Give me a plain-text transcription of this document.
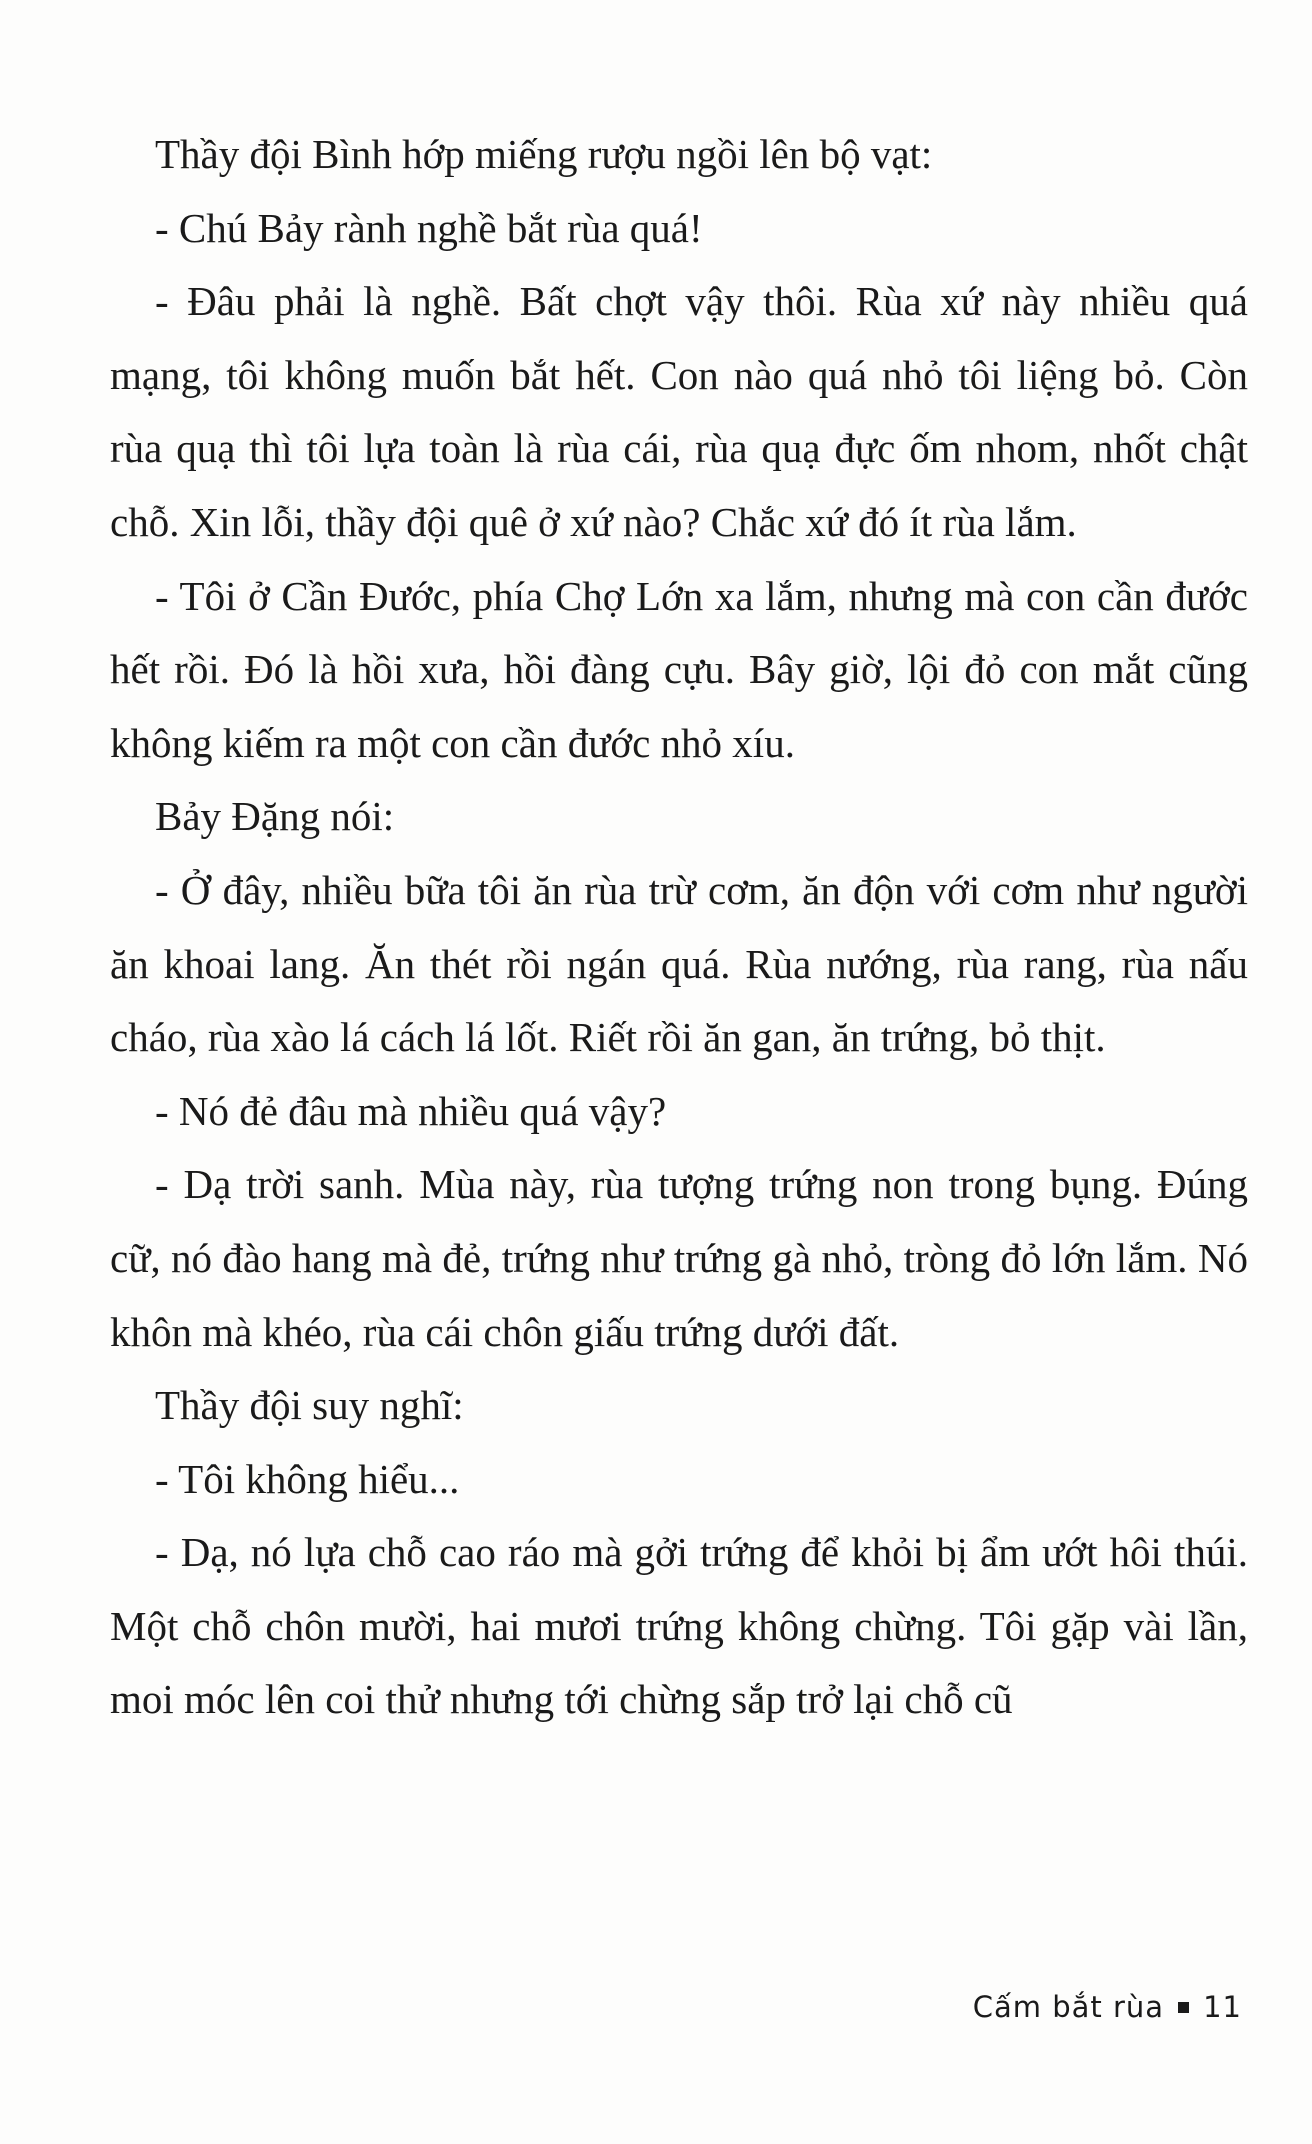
Thầy đội Bình hớp miếng rượu ngồi lên bộ vạt:

- Chú Bảy rành nghề bắt rùa quá!

- Đâu phải là nghề. Bất chợt vậy thôi. Rùa xứ này nhiều quá mạng, tôi không muốn bắt hết. Con nào quá nhỏ tôi liệng bỏ. Còn rùa quạ thì tôi lựa toàn là rùa cái, rùa quạ đực ốm nhom, nhốt chật chỗ. Xin lỗi, thầy đội quê ở xứ nào? Chắc xứ đó ít rùa lắm.

- Tôi ở Cần Đước, phía Chợ Lớn xa lắm, nhưng mà con cần đước hết rồi. Đó là hồi xưa, hồi đàng cựu. Bây giờ, lội đỏ con mắt cũng không kiếm ra một con cần đước nhỏ xíu.

Bảy Đặng nói:

- Ở đây, nhiều bữa tôi ăn rùa trừ cơm, ăn độn với cơm như người ăn khoai lang. Ăn thét rồi ngán quá. Rùa nướng, rùa rang, rùa nấu cháo, rùa xào lá cách lá lốt. Riết rồi ăn gan, ăn trứng, bỏ thịt.

- Nó đẻ đâu mà nhiều quá vậy?

- Dạ trời sanh. Mùa này, rùa tượng trứng non trong bụng. Đúng cữ, nó đào hang mà đẻ, trứng như trứng gà nhỏ, tròng đỏ lớn lắm. Nó khôn mà khéo, rùa cái chôn giấu trứng dưới đất.

Thầy đội suy nghĩ:

- Tôi không hiểu...

- Dạ, nó lựa chỗ cao ráo mà gởi trứng để khỏi bị ẩm ướt hôi thúi. Một chỗ chôn mười, hai mươi trứng không chừng. Tôi gặp vài lần, moi móc lên coi thử nhưng tới chừng sắp trở lại chỗ cũ

Cấm bắt rùa 11
